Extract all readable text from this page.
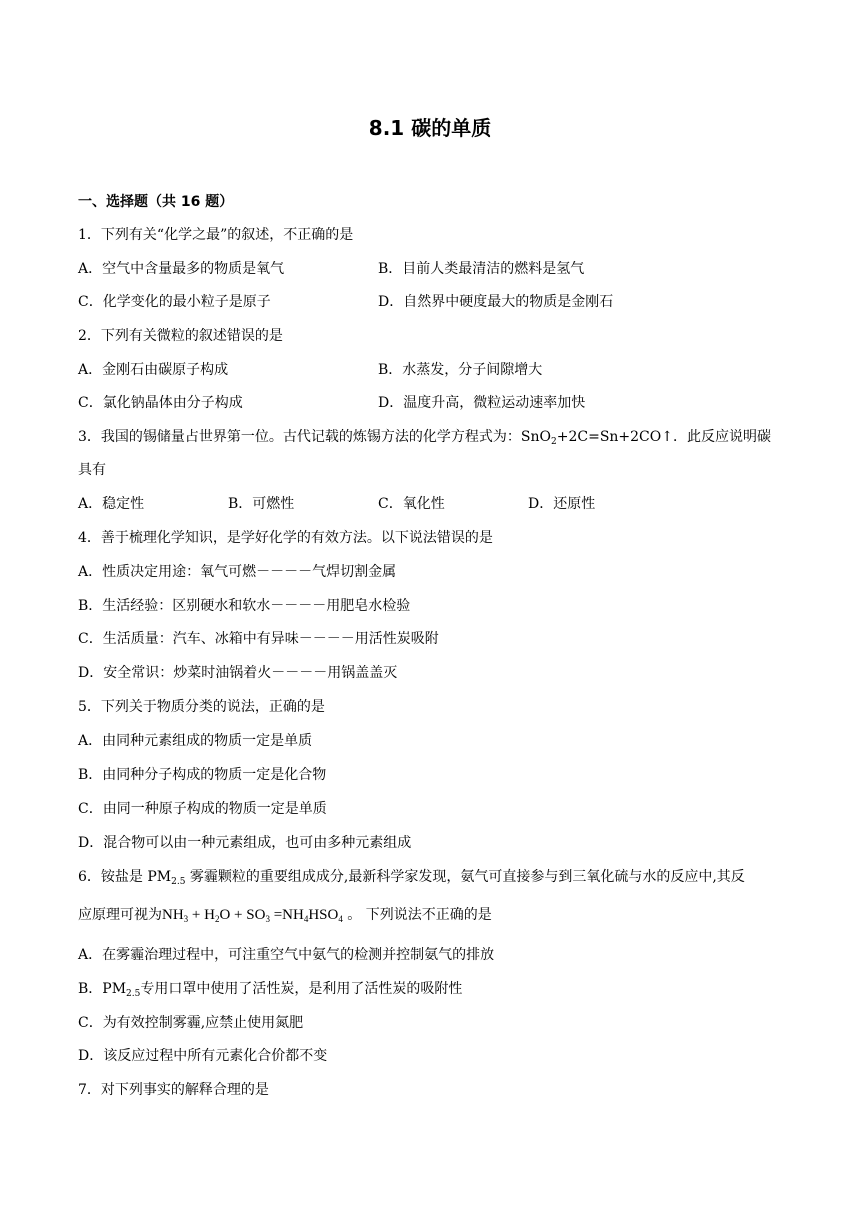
8.1 碳的单质
一、选择题（共 16 题）
1．下列有关“化学之最”的叙述，不正确的是
A．空气中含量最多的物质是氧气	B．目前人类最清洁的燃料是氢气
C．化学变化的最小粒子是原子	D．自然界中硬度最大的物质是金刚石
2．下列有关微粒的叙述错误的是
A．金刚石由碳原子构成	B．水蒸发，分子间隙增大
C．氯化钠晶体由分子构成	D．温度升高，微粒运动速率加快
3．我国的锡储量占世界第一位。古代记载的炼锡方法的化学方程式为：SnO$_2$+2C=Sn+2CO↑．此反应说明碳
具有
A．稳定性	B．可燃性	C．氧化性	D．还原性
4．善于梳理化学知识，是学好化学的有效方法。以下说法错误的是
A．性质决定用途：氧气可燃－－－－气焊切割金属
B．生活经验：区别硬水和软水－－－－用肥皂水检验
C．生活质量：汽车、冰箱中有异味－－－－用活性炭吸附
D．安全常识：炒菜时油锅着火－－－－用锅盖盖灭
5．下列关于物质分类的说法，正确的是
A．由同种元素组成的物质一定是单质
B．由同种分子构成的物质一定是化合物
C．由同一种原子构成的物质一定是单质
D．混合物可以由一种元素组成，也可由多种元素组成
6．铵盐是 $PM_{2.5}$ 雾霾颗粒的重要组成成分,最新科学家发现，氨气可直接参与到三氧化硫与水的反应中,其反
应原理可视为$NH_3 + H_2O + SO_3 =NH_4HSO_4$ 。 下列说法不正确的是
A．在雾霾治理过程中，可注重空气中氨气的检测并控制氨气的排放
B．$PM_{2.5}$专用口罩中使用了活性炭，是利用了活性炭的吸附性
C．为有效控制雾霾,应禁止使用氮肥
D．该反应过程中所有元素化合价都不变
7．对下列事实的解释合理的是
